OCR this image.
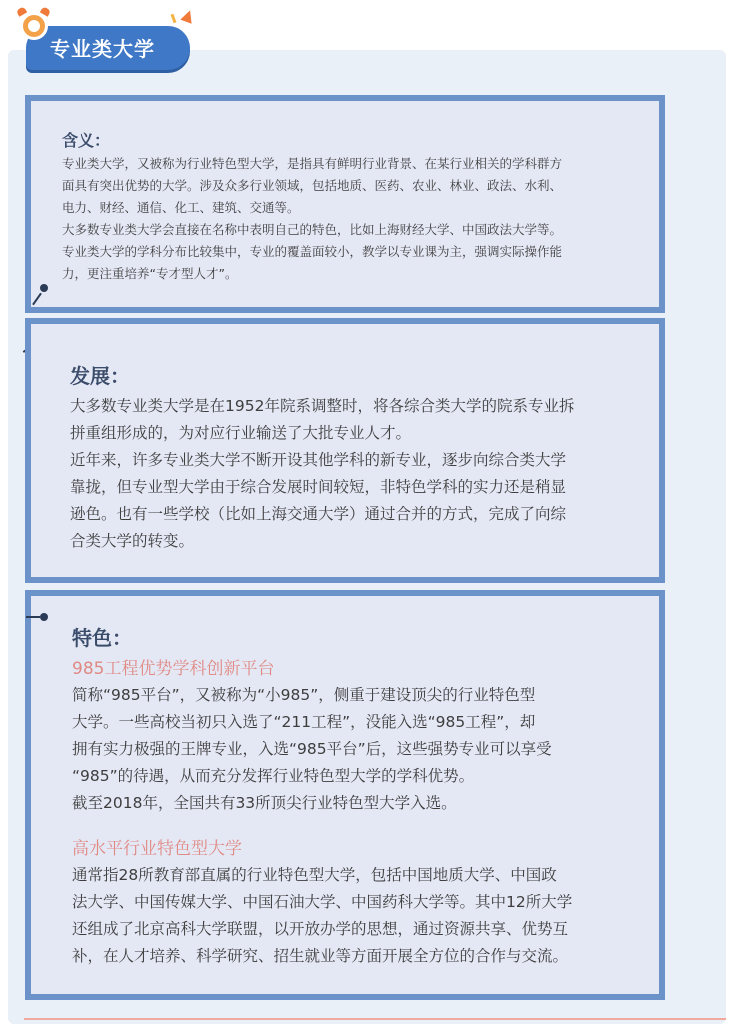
专业类大学
含义：
专业类大学，又被称为行业特色型大学，是指具有鲜明行业背景、在某行业相关的学科群方
面具有突出优势的大学。涉及众多行业领域，包括地质、医药、农业、林业、政法、水利、
电力、财经、通信、化工、建筑、交通等。
大多数专业类大学会直接在名称中表明自己的特色，比如上海财经大学、中国政法大学等。
专业类大学的学科分布比较集中，专业的覆盖面较小，教学以专业课为主，强调实际操作能
力，更注重培养“专才型人才”。
发展：
大多数专业类大学是在1952年院系调整时，将各综合类大学的院系专业拆
拼重组形成的，为对应行业输送了大批专业人才。
近年来，许多专业类大学不断开设其他学科的新专业，逐步向综合类大学
靠拢，但专业型大学由于综合发展时间较短，非特色学科的实力还是稍显
逊色。也有一些学校（比如上海交通大学）通过合并的方式，完成了向综
合类大学的转变。
特色：
985工程优势学科创新平台
简称“985平台”，又被称为“小985”，侧重于建设顶尖的行业特色型
大学。一些高校当初只入选了“211工程”，没能入选“985工程”，却
拥有实力极强的王牌专业，入选“985平台”后，这些强势专业可以享受
“985”的待遇，从而充分发挥行业特色型大学的学科优势。
截至2018年，全国共有33所顶尖行业特色型大学入选。
高水平行业特色型大学
通常指28所教育部直属的行业特色型大学，包括中国地质大学、中国政
法大学、中国传媒大学、中国石油大学、中国药科大学等。其中12所大学
还组成了北京高科大学联盟，以开放办学的思想，通过资源共享、优势互
补，在人才培养、科学研究、招生就业等方面开展全方位的合作与交流。
